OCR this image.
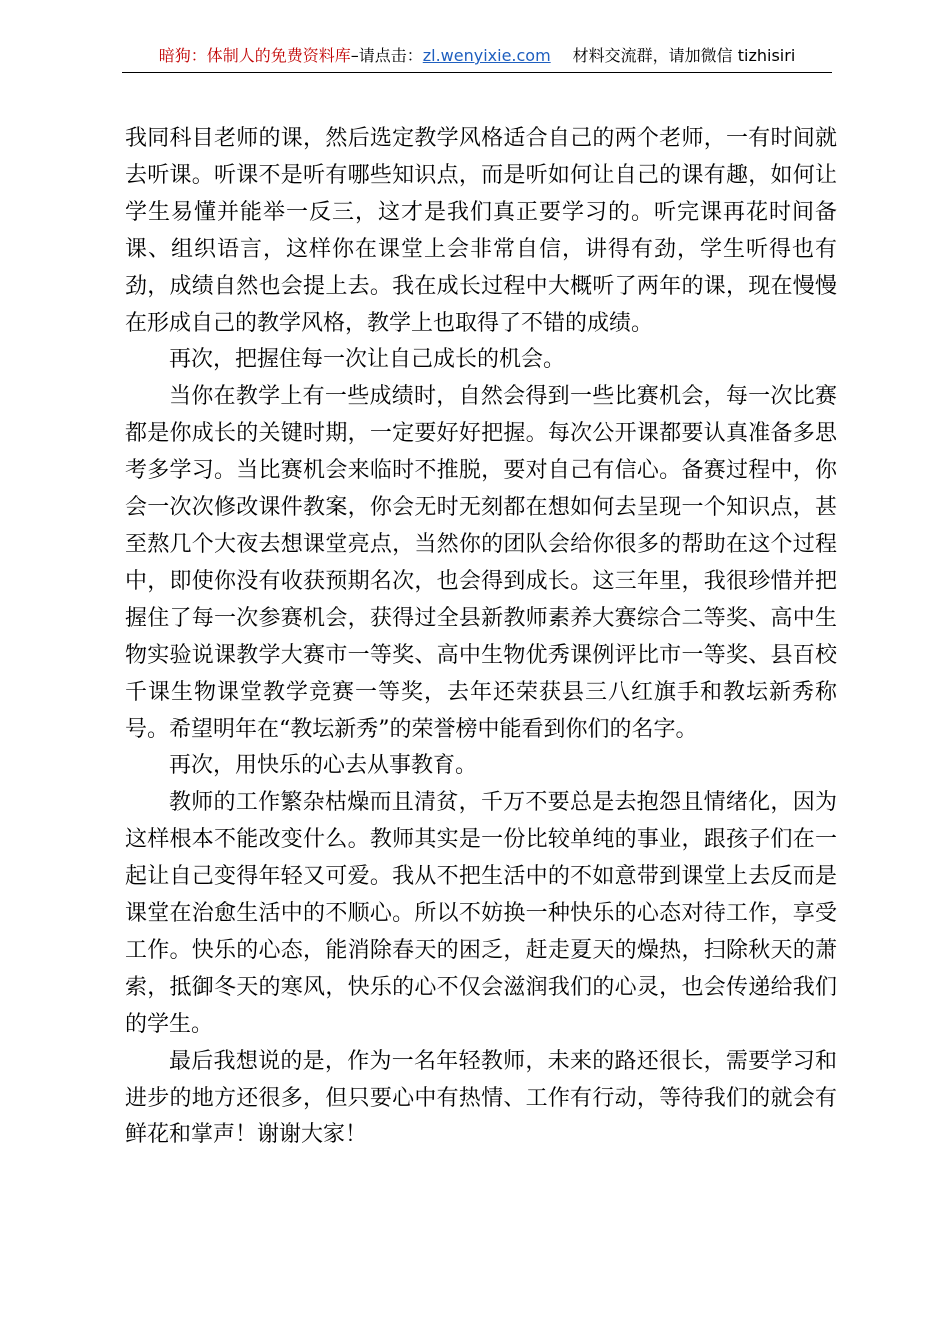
暗狗：体制人的免费资料库–请点击：zl.wenyixie.com 材料交流群，请加微信 tizhisiri

我同科目老师的课，然后选定教学风格适合自己的两个老师，一有时间就去听课。听课不是听有哪些知识点，而是听如何让自己的课有趣，如何让学生易懂并能举一反三，这才是我们真正要学习的。听完课再花时间备课、组织语言，这样你在课堂上会非常自信，讲得有劲，学生听得也有劲，成绩自然也会提上去。我在成长过程中大概听了两年的课，现在慢慢在形成自己的教学风格，教学上也取得了不错的成绩。

再次，把握住每一次让自己成长的机会。

当你在教学上有一些成绩时，自然会得到一些比赛机会，每一次比赛都是你成长的关键时期，一定要好好把握。每次公开课都要认真准备多思考多学习。当比赛机会来临时不推脱，要对自己有信心。备赛过程中，你会一次次修改课件教案，你会无时无刻都在想如何去呈现一个知识点，甚至熬几个大夜去想课堂亮点，当然你的团队会给你很多的帮助在这个过程中，即使你没有收获预期名次，也会得到成长。这三年里，我很珍惜并把握住了每一次参赛机会，获得过全县新教师素养大赛综合二等奖、高中生物实验说课教学大赛市一等奖、高中生物优秀课例评比市一等奖、县百校千课生物课堂教学竞赛一等奖，去年还荣获县三八红旗手和教坛新秀称号。希望明年在“教坛新秀”的荣誉榜中能看到你们的名字。

再次，用快乐的心去从事教育。

教师的工作繁杂枯燥而且清贫，千万不要总是去抱怨且情绪化，因为这样根本不能改变什么。教师其实是一份比较单纯的事业，跟孩子们在一起让自己变得年轻又可爱。我从不把生活中的不如意带到课堂上去反而是课堂在治愈生活中的不顺心。所以不妨换一种快乐的心态对待工作，享受工作。快乐的心态，能消除春天的困乏，赶走夏天的燥热，扫除秋天的萧索，抵御冬天的寒风，快乐的心不仅会滋润我们的心灵，也会传递给我们的学生。

最后我想说的是，作为一名年轻教师，未来的路还很长，需要学习和进步的地方还很多，但只要心中有热情、工作有行动，等待我们的就会有鲜花和掌声！谢谢大家！
